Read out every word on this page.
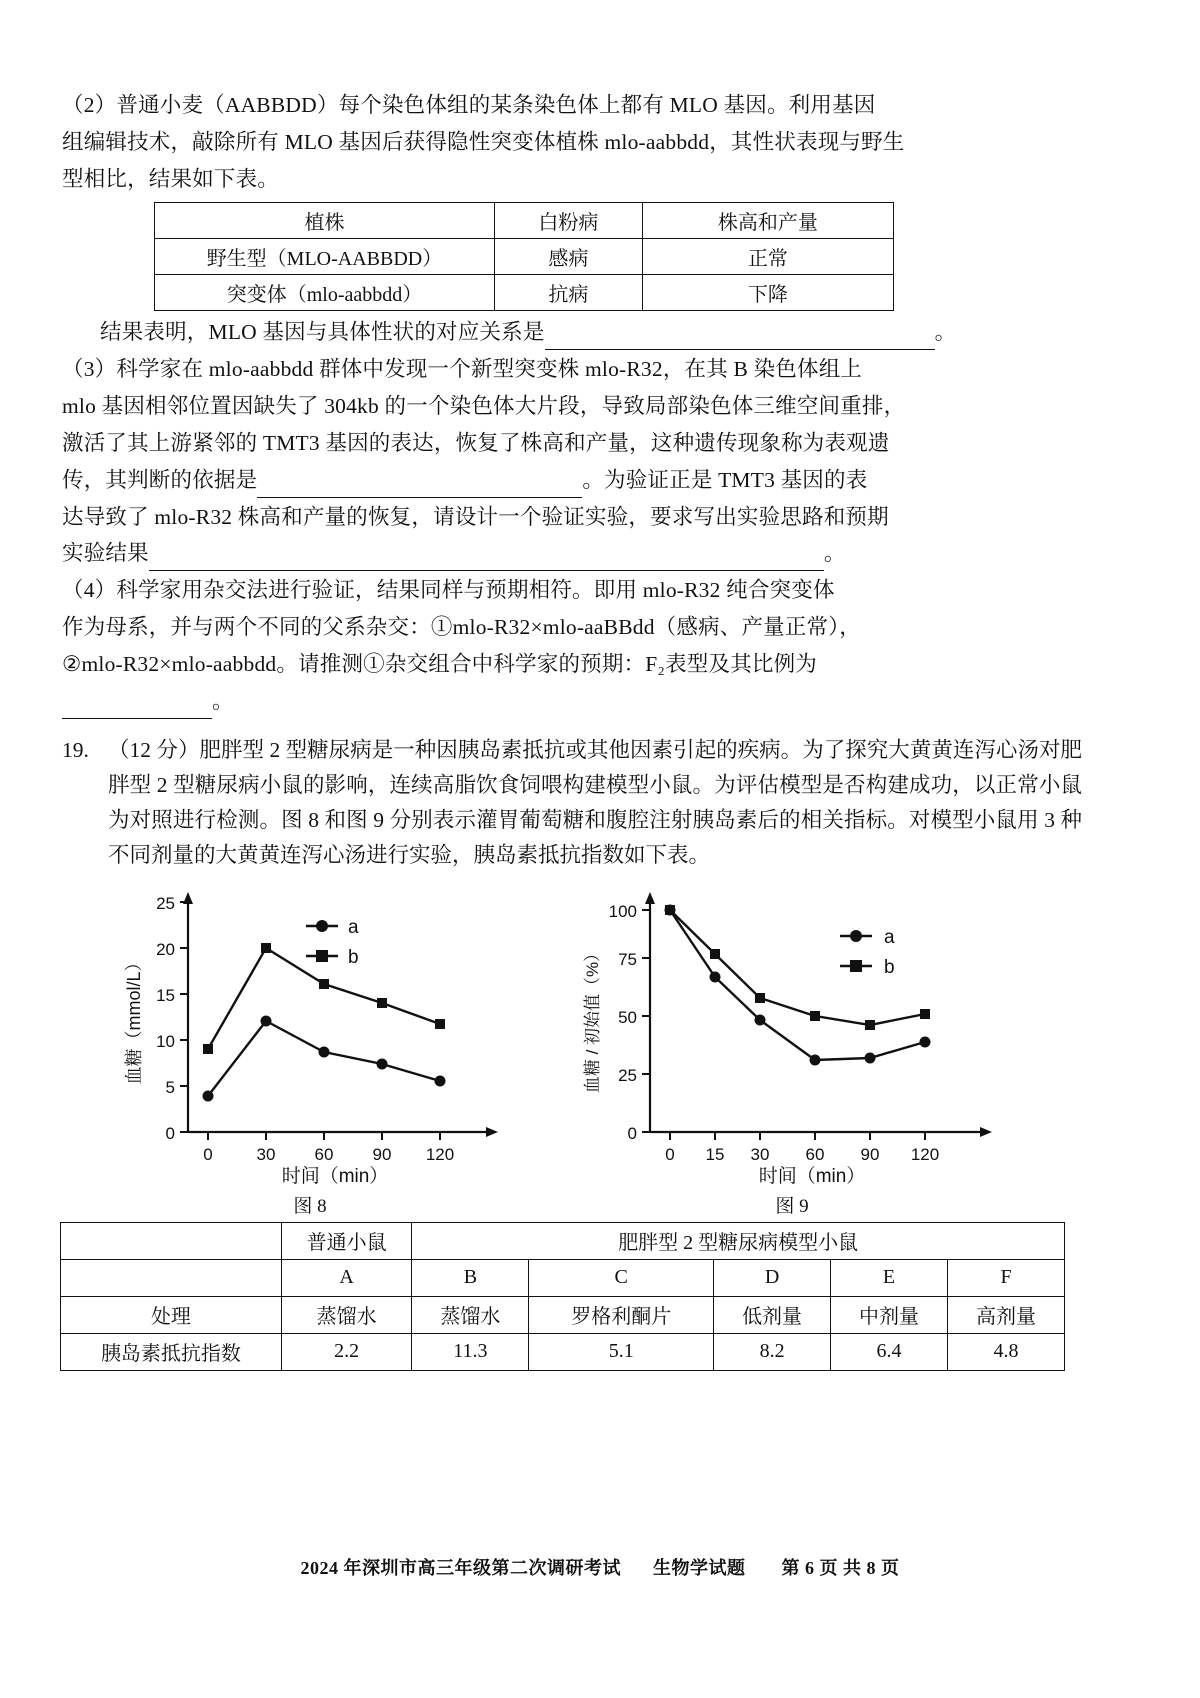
（2）普通小麦（AABBDD）每个染色体组的某条染色体上都有 MLO 基因。利用基因

组编辑技术，敲除所有 MLO 基因后获得隐性突变体植株 mlo-aabbdd，其性状表现与野生

型相比，结果如下表。

植株	白粉病	株高和产量
野生型（MLO-AABBDD）	感病	正常
突变体（mlo-aabbdd）	抗病	下降

结果表明，MLO 基因与具体性状的对应关系是	。

（3）科学家在 mlo-aabbdd 群体中发现一个新型突变株 mlo-R32，在其 B 染色体组上

mlo 基因相邻位置因缺失了 304kb 的一个染色体大片段，导致局部染色体三维空间重排，

激活了其上游紧邻的 TMT3 基因的表达，恢复了株高和产量，这种遗传现象称为表观遗

传，其判断的依据是	。为验证正是 TMT3 基因的表

达导致了 mlo-R32 株高和产量的恢复，请设计一个验证实验，要求写出实验思路和预期

实验结果	。

（4）科学家用杂交法进行验证，结果同样与预期相符。即用 mlo-R32 纯合突变体

作为母系，并与两个不同的父系杂交：①mlo-R32×mlo-aaBBdd（感病、产量正常），

②mlo-R32×mlo-aabbdd。请推测①杂交组合中科学家的预期：F₂表型及其比例为

。

19. （12 分）肥胖型 2 型糖尿病是一种因胰岛素抵抗或其他因素引起的疾病。为了探究大黄黄连泻心汤对肥胖型 2 型糖尿病小鼠的影响，连续高脂饮食饲喂构建模型小鼠。为评估模型是否构建成功，以正常小鼠为对照进行检测。图 8 和图 9 分别表示灌胃葡萄糖和腹腔注射胰岛素后的相关指标。对模型小鼠用 3 种不同剂量的大黄黄连泻心汤进行实验，胰岛素抵抗指数如下表。
0
5
10
15
20
25
0	30 60 90 120
a
b
时间（min）
血糖（mmol/L）
图 8
0
25
50
75
100
0 15 30 60 90 120
a
b
时间（min）
血糖 / 初始值（%）
图 9
	普通小鼠	肥胖型 2 型糖尿病模型小鼠				
	A	B	C	D	E	F
处理	蒸馏水	蒸馏水	罗格利酮片	低剂量	中剂量	高剂量
胰岛素抵抗指数	2.2	11.3	5.1	8.2	6.4	4.8
2024 年深圳市高三年级第二次调研考试 生物学试题 第 6 页 共 8 页
